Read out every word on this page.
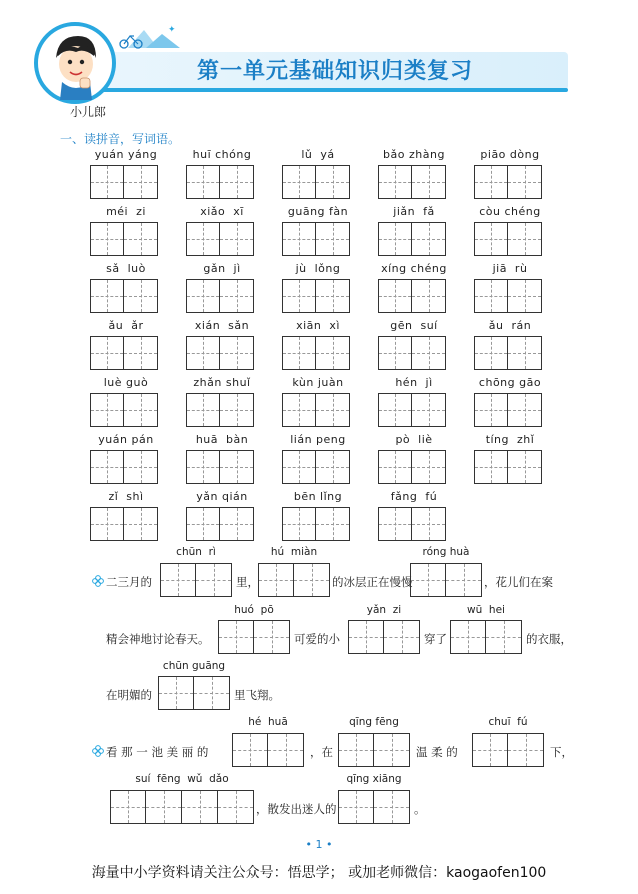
✦
小儿郎
第一单元基础知识归类复习
一、读拼音，写词语。
yuán yáng	huī chóng	lǔ  yá	bǎo zhàng	piāo dòng
méi  zi	xiǎo  xī	guāng fàn	jiǎn  fǎ	còu chéng
sǎ  luò	gǎn  jì	jù  lǒng	xíng chéng	jiā  rù
ǎu  ǎr	xián  sǎn	xiān  xì	gēn  suí	ǎu  rán
luè guò	zhǎn shuǐ	kùn juàn	hén  jì	chōng gāo
yuán pán	huā  bàn	lián peng	pò  liè	tíng  zhǐ
zǐ  shì	yǎn qián	bēn lǐng	fǎng  fú
chūn  rì	hú  miàn	róng huà
二三月的	里，	的冰层正在慢慢	，花儿们在案
huó  pō	yǎn  zi	wū  hei
精会神地讨论春天。	可爱的小	穿了	的衣服，
chūn guāng
在明媚的	里飞翔。
hé  huā	qīng fēng	chuī  fú
看 那 一 池 美 丽 的	，在	温 柔 的	下，
suí  fēng  wǔ  dǎo	qīng xiāng
，散发出迷人的	。
• 1 •
海量中小学资料请关注公众号：悟思学； 或加老师微信：kaogaofen100
